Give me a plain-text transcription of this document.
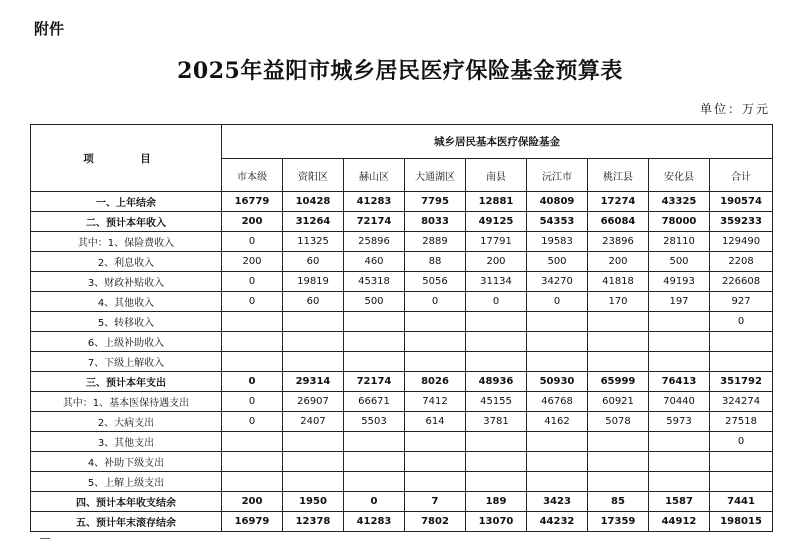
附件
2025年益阳市城乡居民医疗保险基金预算表
单位：万元
项　目	城乡居民基本医疗保险基金								
	市本级	资阳区	赫山区	大通湖区	南县	沅江市	桃江县	安化县	合计
一、上年结余	16779	10428	41283	7795	12881	40809	17274	43325	190574
二、预计本年收入	200	31264	72174	8033	49125	54353	66084	78000	359233
其中：1、保险费收入	0	11325	25896	2889	17791	19583	23896	28110	129490
2、利息收入	200	60	460	88	200	500	200	500	2208
3、财政补贴收入	0	19819	45318	5056	31134	34270	41818	49193	226608
4、其他收入	0	60	500	0	0	0	170	197	927
5、转移收入									0
6、上级补助收入									
7、下级上解收入									
三、预计本年支出	0	29314	72174	8026	48936	50930	65999	76413	351792
其中：1、基本医保待遇支出	0	26907	66671	7412	45155	46768	60921	70440	324274
2、大病支出	0	2407	5503	614	3781	4162	5078	5973	27518
3、其他支出									0
4、补助下级支出									
5、上解上级支出									
四、预计本年收支结余	200	1950	0	7	189	3423	85	1587	7441
五、预计年末滚存结余	16979	12378	41283	7802	13070	44232	17359	44912	198015
